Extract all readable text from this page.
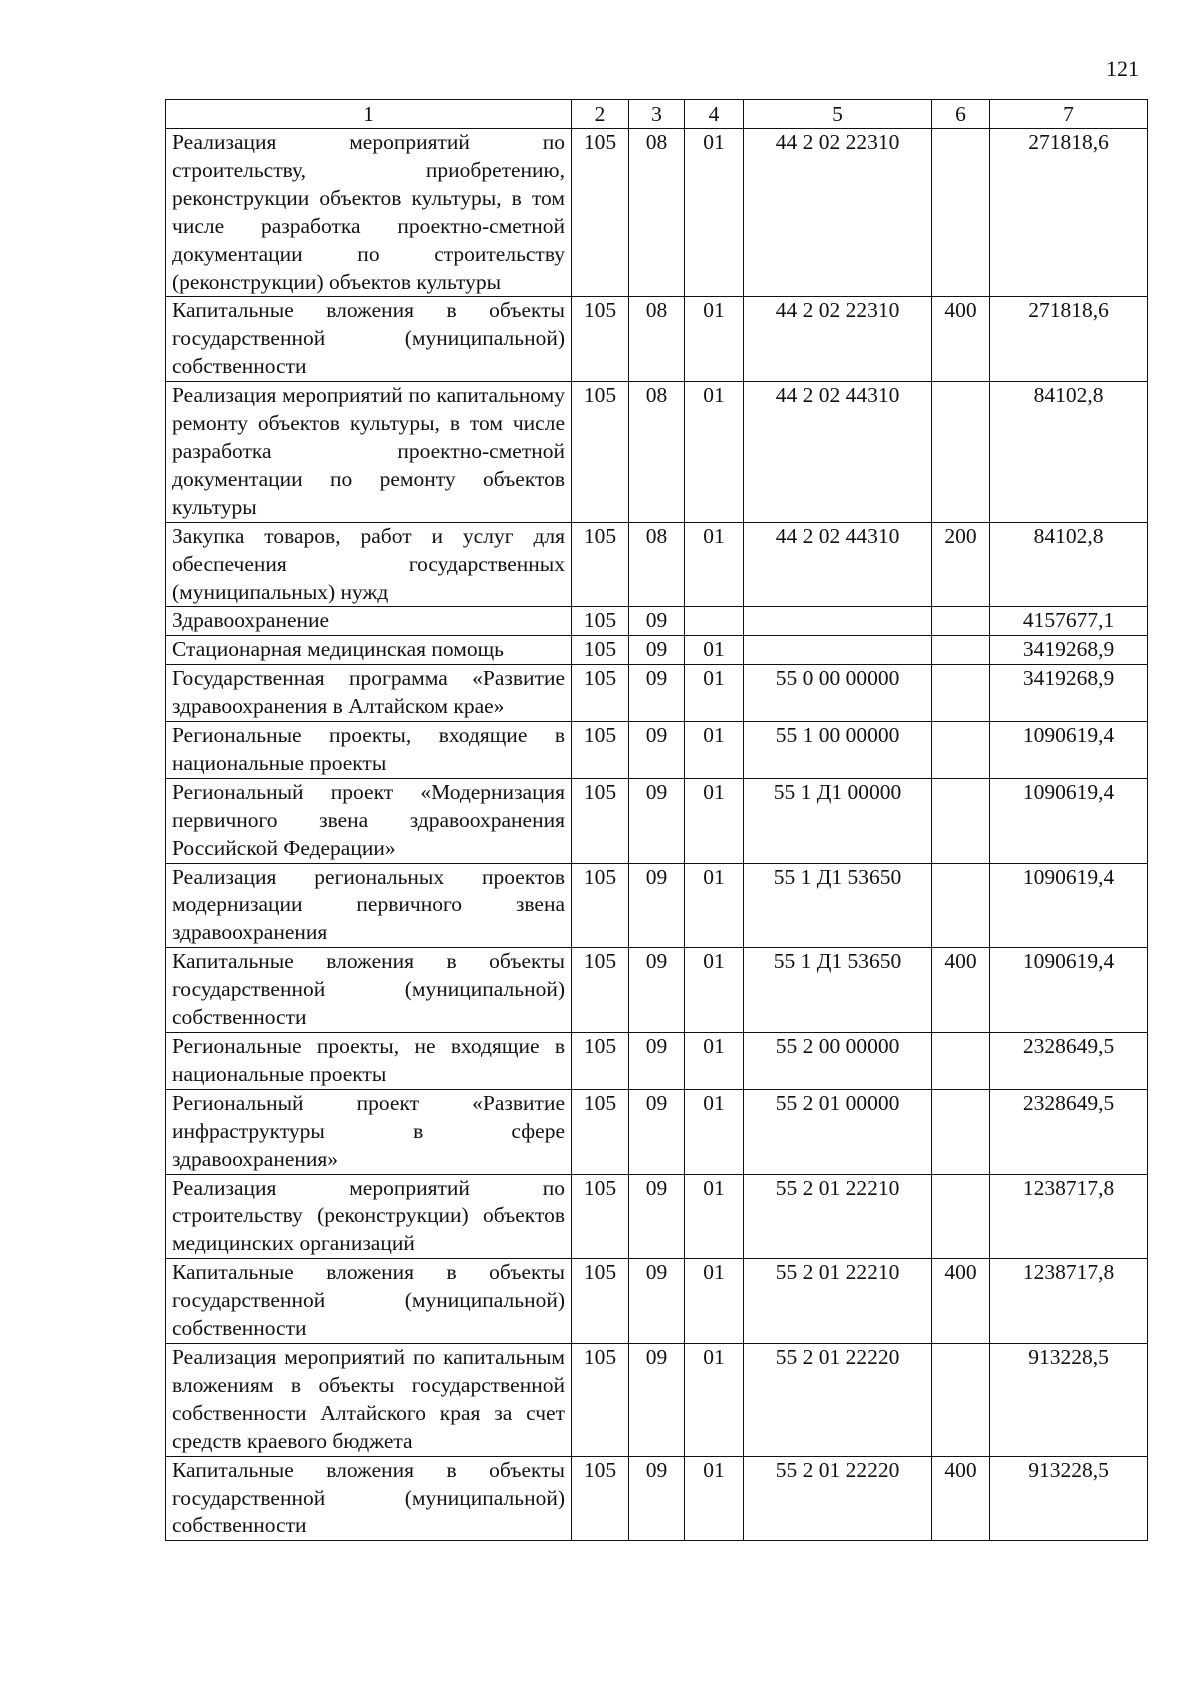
121
1	2	3	4	5	6	7
Реализация мероприятий по строительству, приобретению, реконструкции объектов культуры, в том числе разработка проектно-сметной документации по строительству (реконструкции) объектов культуры	105	08	01	44 2 02 22310		271818,6
Капитальные вложения в объекты государственной (муниципальной) собственности	105	08	01	44 2 02 22310	400	271818,6
Реализация мероприятий по капитальному ремонту объектов культуры, в том числе разработка проектно-сметной документации по ремонту объектов культуры	105	08	01	44 2 02 44310		84102,8
Закупка товаров, работ и услуг для обеспечения государственных (муниципальных) нужд	105	08	01	44 2 02 44310	200	84102,8
Здравоохранение	105	09				4157677,1
Стационарная медицинская помощь	105	09	01			3419268,9
Государственная программа «Развитие здравоохранения в Алтайском крае»	105	09	01	55 0 00 00000		3419268,9
Региональные проекты, входящие в национальные проекты	105	09	01	55 1 00 00000		1090619,4
Региональный проект «Модернизация первичного звена здравоохранения Российской Федерации»	105	09	01	55 1 Д1 00000		1090619,4
Реализация региональных проектов модернизации первичного звена здравоохранения	105	09	01	55 1 Д1 53650		1090619,4
Капитальные вложения в объекты государственной (муниципальной) собственности	105	09	01	55 1 Д1 53650	400	1090619,4
Региональные проекты, не входящие в национальные проекты	105	09	01	55 2 00 00000		2328649,5
Региональный проект «Развитие инфраструктуры в сфере здравоохранения»	105	09	01	55 2 01 00000		2328649,5
Реализация мероприятий по строительству (реконструкции) объектов медицинских организаций	105	09	01	55 2 01 22210		1238717,8
Капитальные вложения в объекты государственной (муниципальной) собственности	105	09	01	55 2 01 22210	400	1238717,8
Реализация мероприятий по капитальным вложениям в объекты государственной собственности Алтайского края за счет средств краевого бюджета	105	09	01	55 2 01 22220		913228,5
Капитальные вложения в объекты государственной (муниципальной) собственности	105	09	01	55 2 01 22220	400	913228,5
